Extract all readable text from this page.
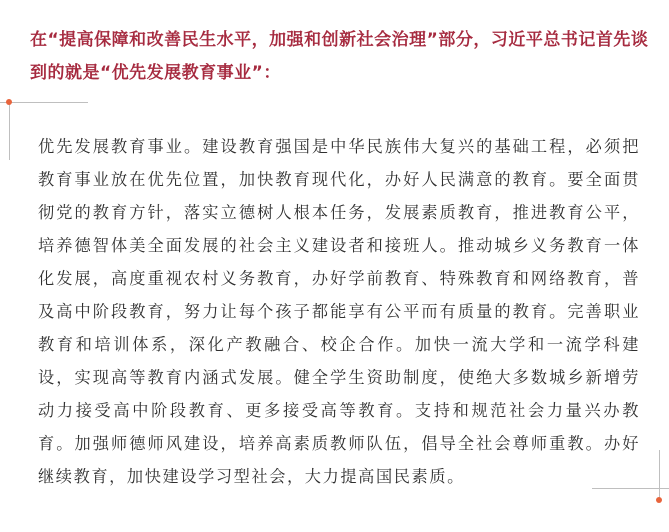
在“提高保障和改善民生水平，加强和创新社会治理”部分，习近平总书记首先谈到的就是“优先发展教育事业”：

优先发展教育事业。建设教育强国是中华民族伟大复兴的基础工程，必须把教育事业放在优先位置，加快教育现代化，办好人民满意的教育。要全面贯彻党的教育方针，落实立德树人根本任务，发展素质教育，推进教育公平，培养德智体美全面发展的社会主义建设者和接班人。推动城乡义务教育一体化发展，高度重视农村义务教育，办好学前教育、特殊教育和网络教育，普及高中阶段教育，努力让每个孩子都能享有公平而有质量的教育。完善职业教育和培训体系，深化产教融合、校企合作。加快一流大学和一流学科建设，实现高等教育内涵式发展。健全学生资助制度，使绝大多数城乡新增劳动力接受高中阶段教育、更多接受高等教育。支持和规范社会力量兴办教育。加强师德师风建设，培养高素质教师队伍，倡导全社会尊师重教。办好继续教育，加快建设学习型社会，大力提高国民素质。
